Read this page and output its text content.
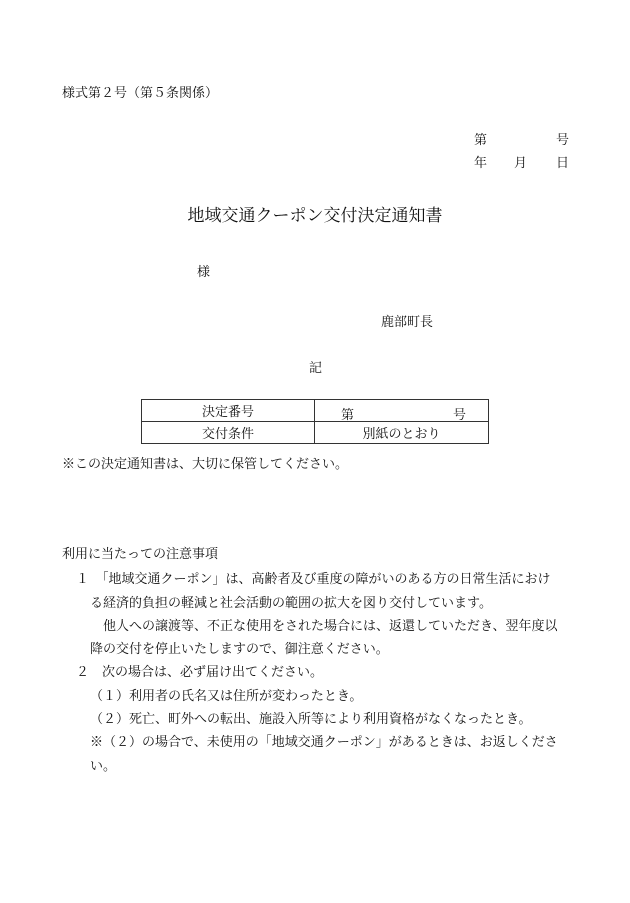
様式第２号（第５条関係）
第	号
年 月 日
地域交通クーポン交付決定通知書
様
鹿部町長
記
決定番号	第 号

交付条件	別紙のとおり
※この決定通知書は、大切に保管してください。
利用に当たっての注意事項
１　「地域交通クーポン」は、高齢者及び重度の障がいのある方の日常生活におけ
る経済的負担の軽減と社会活動の範囲の拡大を図り交付しています。
他人への譲渡等、不正な使用をされた場合には、返還していただき、翌年度以
降の交付を停止いたしますので、御注意ください。
２　次の場合は、必ず届け出てください。
（１）利用者の氏名又は住所が変わったとき。
（２）死亡、町外への転出、施設入所等により利用資格がなくなったとき。
※（２）の場合で、未使用の「地域交通クーポン」があるときは、お返しくださ
い。
